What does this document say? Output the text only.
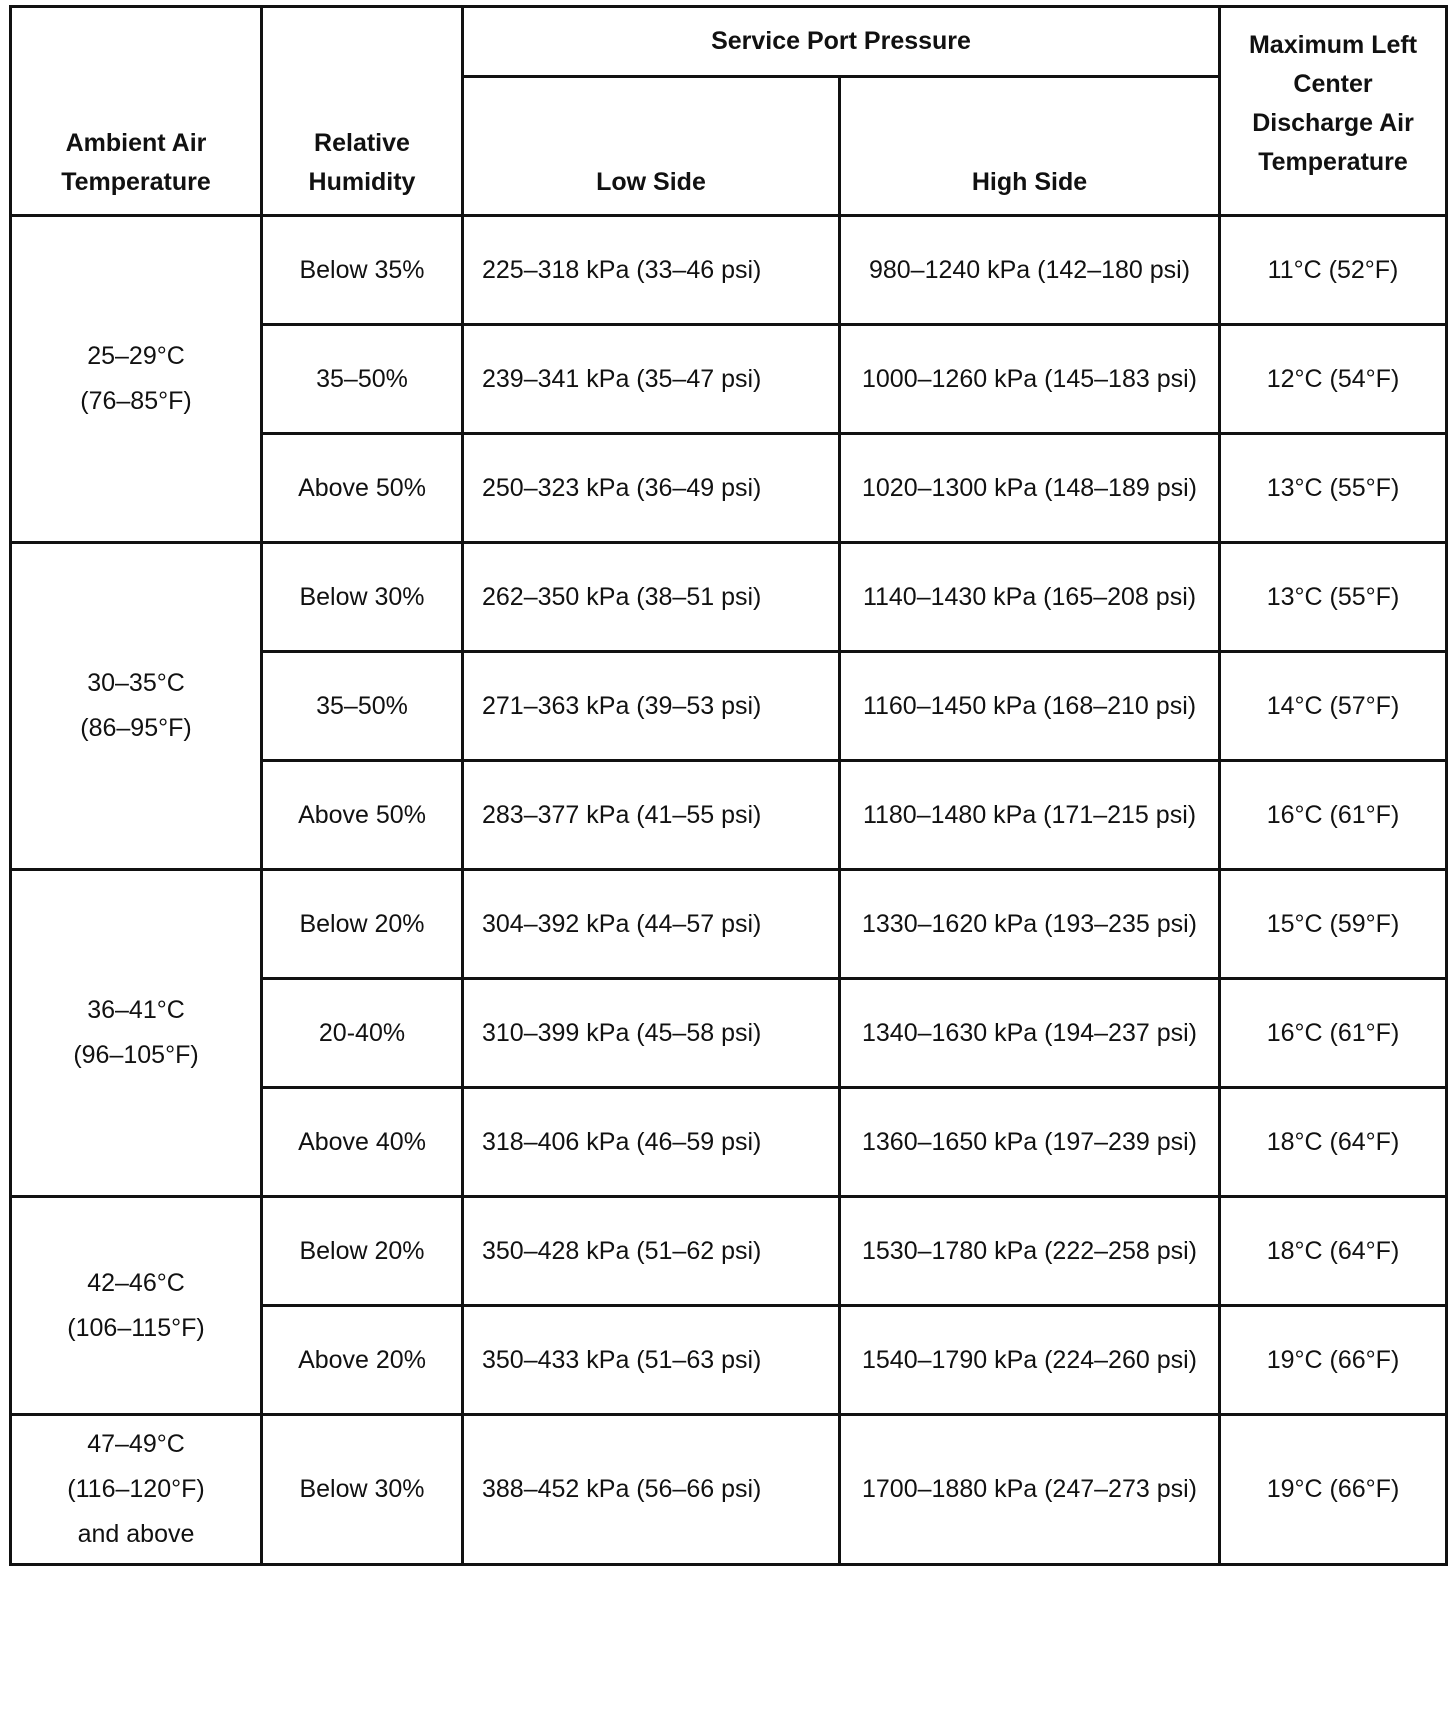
Ambient Air Temperature	Relative Humidity	Service Port Pressure		Maximum Left Center Discharge Air Temperature
		Low Side	High Side	

25–29°C
(76–85°F)	Below 35%	225–318 kPa (33–46 psi)	980–1240 kPa (142–180 psi)	11°C (52°F)
	35–50%	239–341 kPa (35–47 psi)	1000–1260 kPa (145–183 psi)	12°C (54°F)
	Above 50%	250–323 kPa (36–49 psi)	1020–1300 kPa (148–189 psi)	13°C (55°F)

30–35°C
(86–95°F)	Below 30%	262–350 kPa (38–51 psi)	1140–1430 kPa (165–208 psi)	13°C (55°F)
	35–50%	271–363 kPa (39–53 psi)	1160–1450 kPa (168–210 psi)	14°C (57°F)
	Above 50%	283–377 kPa (41–55 psi)	1180–1480 kPa (171–215 psi)	16°C (61°F)

36–41°C
(96–105°F)	Below 20%	304–392 kPa (44–57 psi)	1330–1620 kPa (193–235 psi)	15°C (59°F)
	20-40%	310–399 kPa (45–58 psi)	1340–1630 kPa (194–237 psi)	16°C (61°F)
	Above 40%	318–406 kPa (46–59 psi)	1360–1650 kPa (197–239 psi)	18°C (64°F)

42–46°C
(106–115°F)	Below 20%	350–428 kPa (51–62 psi)	1530–1780 kPa (222–258 psi)	18°C (64°F)
	Above 20%	350–433 kPa (51–63 psi)	1540–1790 kPa (224–260 psi)	19°C (66°F)

47–49°C
(116–120°F)
and above	Below 30%	388–452 kPa (56–66 psi)	1700–1880 kPa (247–273 psi)	19°C (66°F)
